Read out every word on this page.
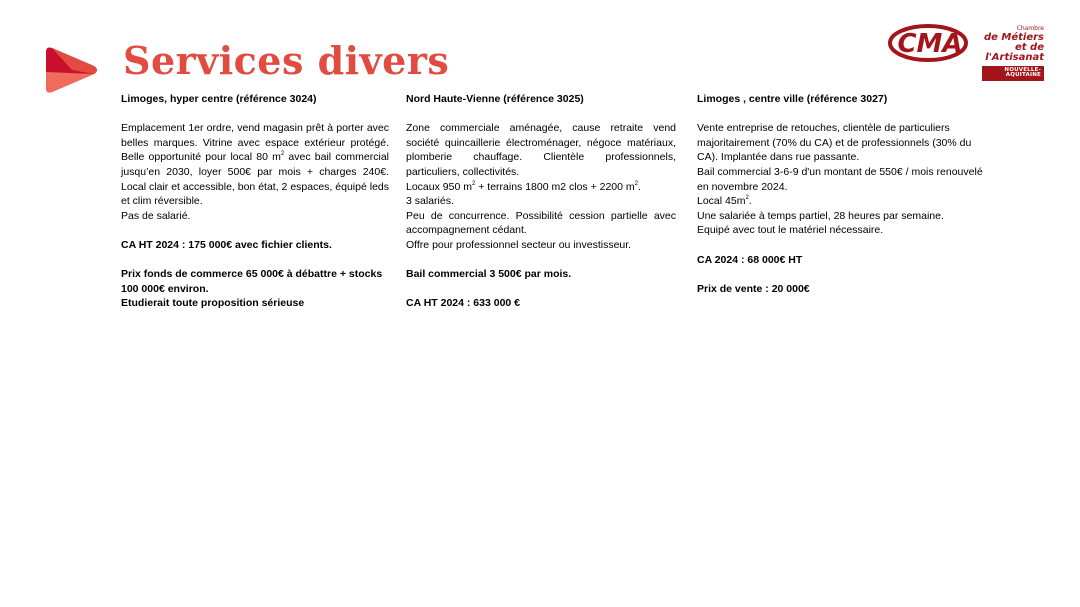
Services divers	CMA
Chambre
de Métiers
et de l'Artisanat
NOUVELLE-AQUITAINE

Limoges, hyper centre (référence 3024)

Emplacement 1er ordre, vend magasin prêt à porter avec belles marques. Vitrine avec espace extérieur protégé. Belle opportunité pour local 80 $m^2$ avec bail commercial jusqu’en 2030, loyer 500€ par mois + charges 240€. Local clair et accessible, bon état, 2 espaces, équipé leds et clim réversible.

Pas de salarié.

CA HT 2024 : 175 000€ avec fichier clients.

Prix fonds de commerce 65 000€ à débattre + stocks 100 000€ environ.

Etudierait toute proposition sérieuse

Nord Haute-Vienne (référence 3025)

Zone commerciale aménagée, cause retraite vend société quincaillerie électroménager, négoce matériaux, plomberie chauffage. Clientèle professionnels, particuliers, collectivités.

Locaux 950 $m^2$ + terrains 1800 m2 clos + 2200 $m^2$.

3 salariés.

Peu de concurrence. Possibilité cession partielle avec accompagnement cédant.

Offre pour professionnel secteur ou investisseur.

Bail commercial 3 500€ par mois.

CA HT 2024 : 633 000 €

Limoges , centre ville (référence 3027)

Vente entreprise de retouches, clientèle de particuliers majoritairement (70% du CA) et de professionnels (30% du CA). Implantée dans rue passante.

Bail commercial 3-6-9 d'un montant de 550€ / mois renouvelé en novembre 2024.

Local $45m^2$.

Une salariée à temps partiel, 28 heures par semaine.

Equipé avec tout le matériel nécessaire.

CA 2024 : 68 000€ HT

Prix de vente : 20 000€
